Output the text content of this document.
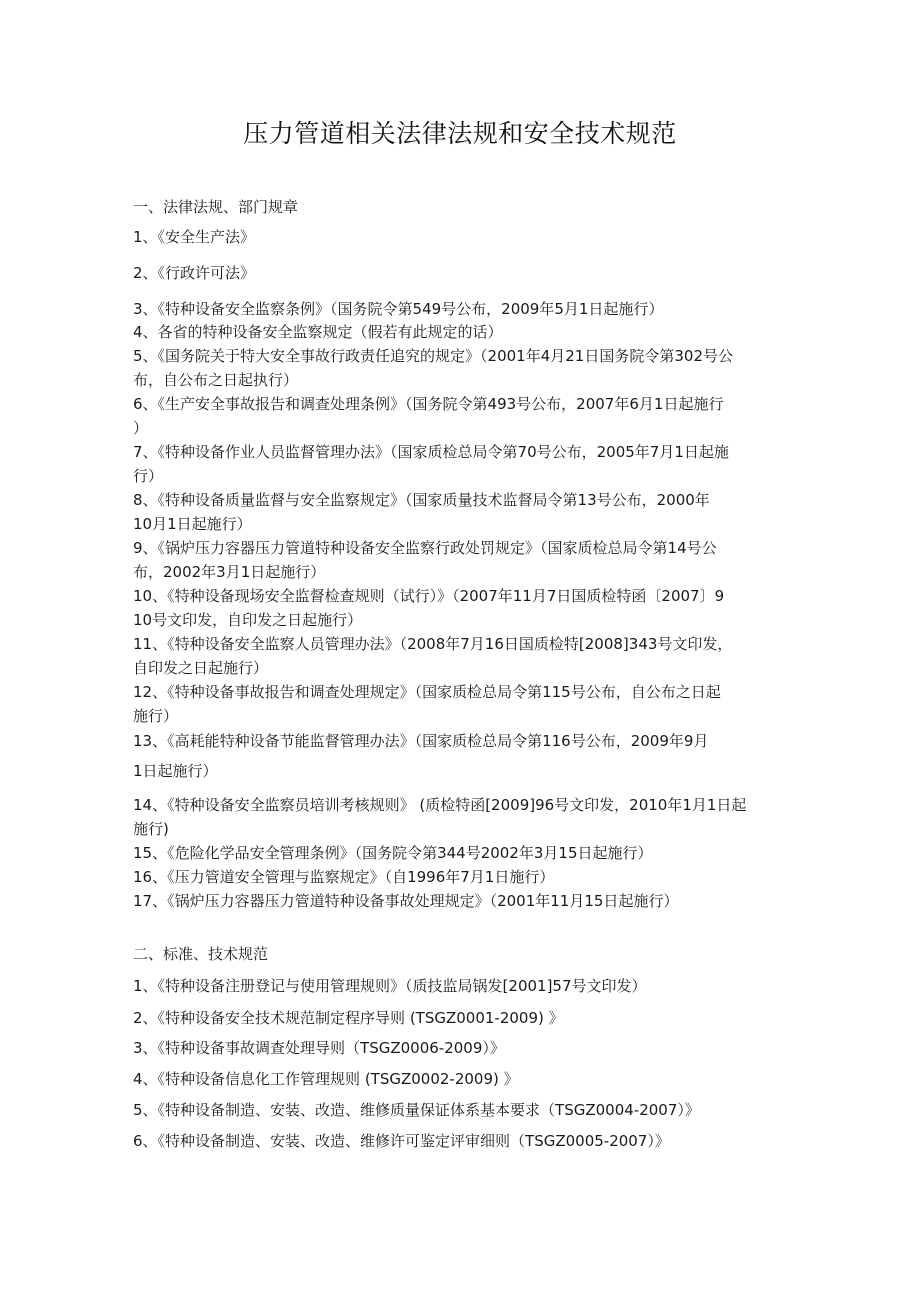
压力管道相关法律法规和安全技术规范
一、法律法规、部门规章
1、《安全生产法》
2、《行政许可法》
3、《特种设备安全监察条例》（国务院令第549号公布，2009年5月1日起施行）
4、各省的特种设备安全监察规定（假若有此规定的话）
5、《国务院关于特大安全事故行政责任追究的规定》（2001年4月21日国务院令第302号公
布，自公布之日起执行）
6、《生产安全事故报告和调查处理条例》（国务院令第493号公布，2007年6月1日起施行
）
7、《特种设备作业人员监督管理办法》（国家质检总局令第70号公布，2005年7月1日起施
行）
8、《特种设备质量监督与安全监察规定》（国家质量技术监督局令第13号公布，2000年
10月1日起施行）
9、《锅炉压力容器压力管道特种设备安全监察行政处罚规定》（国家质检总局令第14号公
布，2002年3月1日起施行）
10、《特种设备现场安全监督检查规则（试行）》（2007年11月7日国质检特函〔2007〕9
10号文印发，自印发之日起施行）
11、《特种设备安全监察人员管理办法》（2008年7月16日国质检特[2008]343号文印发，
自印发之日起施行）
12、《特种设备事故报告和调查处理规定》（国家质检总局令第115号公布，自公布之日起
施行）
13、《高耗能特种设备节能监督管理办法》（国家质检总局令第116号公布，2009年9月
1日起施行）
14、《特种设备安全监察员培训考核规则》 (质检特函[2009]96号文印发，2010年1月1日起
施行)
15、《危险化学品安全管理条例》（国务院令第344号2002年3月15日起施行）
16、《压力管道安全管理与监察规定》（自1996年7月1日施行）
17、《锅炉压力容器压力管道特种设备事故处理规定》（2001年11月15日起施行）
二、标准、技术规范
1、《特种设备注册登记与使用管理规则》（质技监局锅发[2001]57号文印发）
2、《特种设备安全技术规范制定程序导则 (TSGZ0001-2009) 》
3、《特种设备事故调查处理导则（TSGZ0006-2009）》
4、《特种设备信息化工作管理规则 (TSGZ0002-2009) 》
5、《特种设备制造、安装、改造、维修质量保证体系基本要求（TSGZ0004-2007）》
6、《特种设备制造、安装、改造、维修许可鉴定评审细则（TSGZ0005-2007）》
